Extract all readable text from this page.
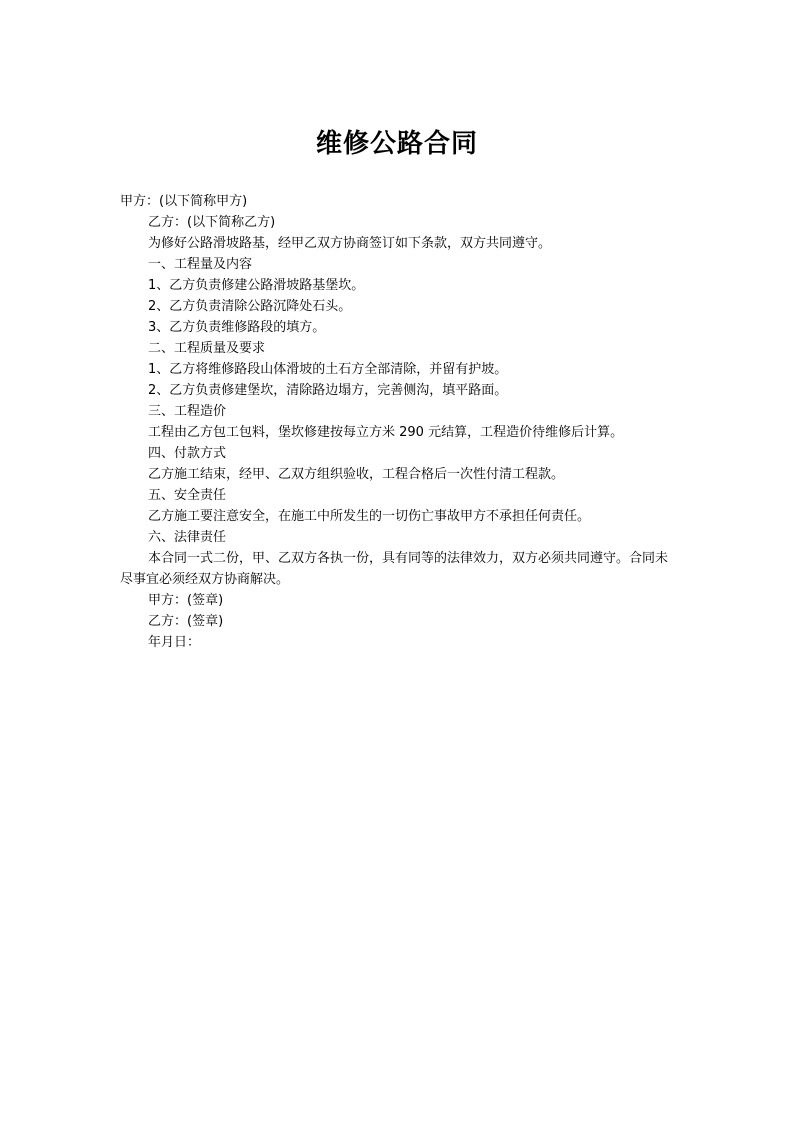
维修公路合同

甲方：(以下简称甲方)

乙方：(以下简称乙方)

为修好公路滑坡路基，经甲乙双方协商签订如下条款，双方共同遵守。

一、工程量及内容

1、乙方负责修建公路滑坡路基堡坎。

2、乙方负责清除公路沉降处石头。

3、乙方负责维修路段的填方。

二、工程质量及要求

1、乙方将维修路段山体滑坡的土石方全部清除，并留有护坡。

2、乙方负责修建堡坎，清除路边塌方，完善侧沟，填平路面。

三、工程造价

工程由乙方包工包料，堡坎修建按每立方米 290 元结算，工程造价待维修后计算。

四、付款方式

乙方施工结束，经甲、乙双方组织验收，工程合格后一次性付清工程款。

五、安全责任

乙方施工要注意安全，在施工中所发生的一切伤亡事故甲方不承担任何责任。

六、法律责任

本合同一式二份，甲、乙双方各执一份，具有同等的法律效力，双方必须共同遵守。合同未尽事宜必须经双方协商解决。

甲方：(签章)

乙方：(签章)

年月日：
